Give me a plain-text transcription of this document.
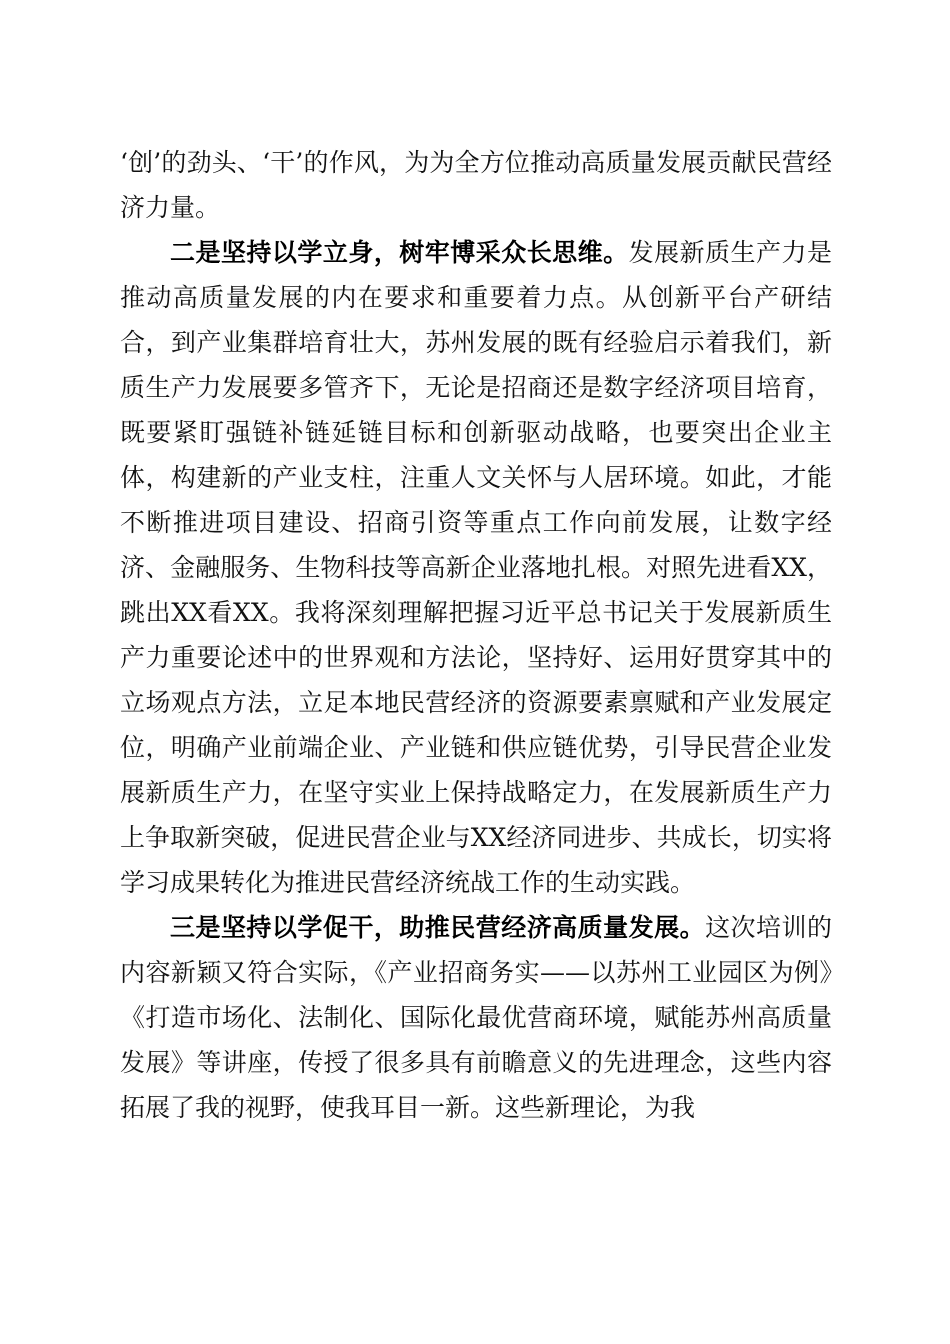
‘创’的劲头、‘干’的作风，为为全方位推动高质量发展贡献民营经济力量。

二是坚持以学立身，树牢博采众长思维。发展新质生产力是推动高质量发展的内在要求和重要着力点。从创新平台产研结合，到产业集群培育壮大，苏州发展的既有经验启示着我们，新质生产力发展要多管齐下，无论是招商还是数字经济项目培育，既要紧盯强链补链延链目标和创新驱动战略，也要突出企业主体，构建新的产业支柱，注重人文关怀与人居环境。如此，才能不断推进项目建设、招商引资等重点工作向前发展，让数字经济、金融服务、生物科技等高新企业落地扎根。对照先进看XX，跳出XX看XX。我将深刻理解把握习近平总书记关于发展新质生产力重要论述中的世界观和方法论，坚持好、运用好贯穿其中的立场观点方法，立足本地民营经济的资源要素禀赋和产业发展定位，明确产业前端企业、产业链和供应链优势，引导民营企业发展新质生产力，在坚守实业上保持战略定力，在发展新质生产力上争取新突破，促进民营企业与XX经济同进步、共成长，切实将学习成果转化为推进民营经济统战工作的生动实践。

三是坚持以学促干，助推民营经济高质量发展。这次培训的内容新颖又符合实际，《产业招商务实——以苏州工业园区为例》《打造市场化、法制化、国际化最优营商环境，赋能苏州高质量发展》等讲座，传授了很多具有前瞻意义的先进理念，这些内容拓展了我的视野，使我耳目一新。这些新理论，为我
